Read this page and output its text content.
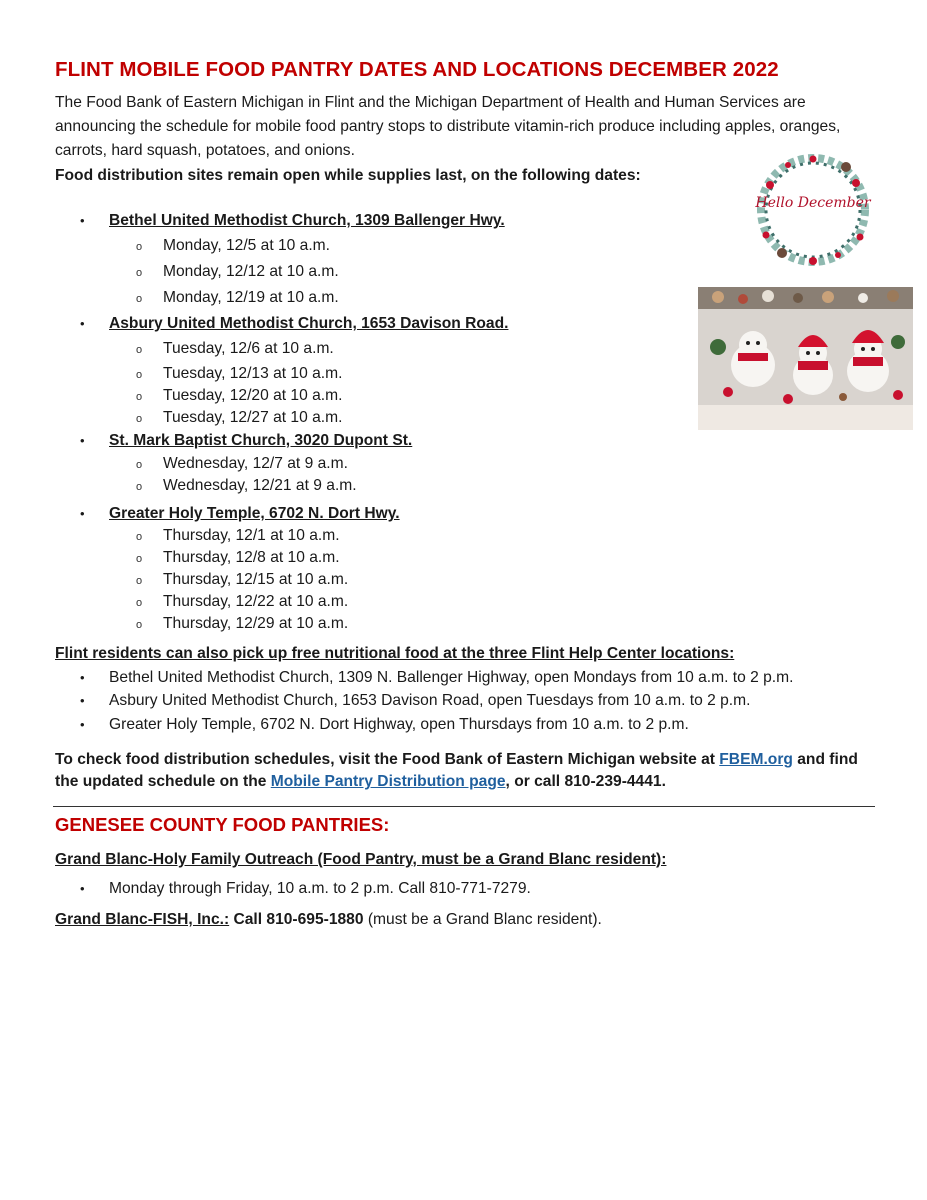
FLINT MOBILE FOOD PANTRY DATES AND LOCATIONS DECEMBER 2022

The Food Bank of Eastern Michigan in Flint and the Michigan Department of Health and Human Services are announcing the schedule for mobile food pantry stops to distribute vitamin-rich produce including apples, oranges, carrots, hard squash, potatoes, and onions.

Food distribution sites remain open while supplies last, on the following dates:

• Bethel United Methodist Church, 1309 Ballenger Hwy.
o Monday, 12/5 at 10 a.m.
o Monday, 12/12 at 10 a.m.
o Monday, 12/19 at 10 a.m.
• Asbury United Methodist Church, 1653 Davison Road.
o Tuesday, 12/6 at 10 a.m.
o Tuesday, 12/13 at 10 a.m.
o Tuesday, 12/20 at 10 a.m.
o Tuesday, 12/27 at 10 a.m.
• St. Mark Baptist Church, 3020 Dupont St.
o Wednesday, 12/7 at 9 a.m.
o Wednesday, 12/21 at 9 a.m.
• Greater Holy Temple, 6702 N. Dort Hwy.
o Thursday, 12/1 at 10 a.m.
o Thursday, 12/8 at 10 a.m.
o Thursday, 12/15 at 10 a.m.
o Thursday, 12/22 at 10 a.m.
o Thursday, 12/29 at 10 a.m.

Flint residents can also pick up free nutritional food at the three Flint Help Center locations:

• Bethel United Methodist Church, 1309 N. Ballenger Highway, open Mondays from 10 a.m. to 2 p.m.
• Asbury United Methodist Church, 1653 Davison Road, open Tuesdays from 10 a.m. to 2 p.m.
• Greater Holy Temple, 6702 N. Dort Highway, open Thursdays from 10 a.m. to 2 p.m.

To check food distribution schedules, visit the Food Bank of Eastern Michigan website at FBEM.org and find the updated schedule on the Mobile Pantry Distribution page, or call 810-239-4441.

GENESEE COUNTY FOOD PANTRIES:

Grand Blanc-Holy Family Outreach (Food Pantry, must be a Grand Blanc resident):

• Monday through Friday, 10 a.m. to 2 p.m. Call 810-771-7279.

Grand Blanc-FISH, Inc.: Call 810-695-1880 (must be a Grand Blanc resident).

Hello December
